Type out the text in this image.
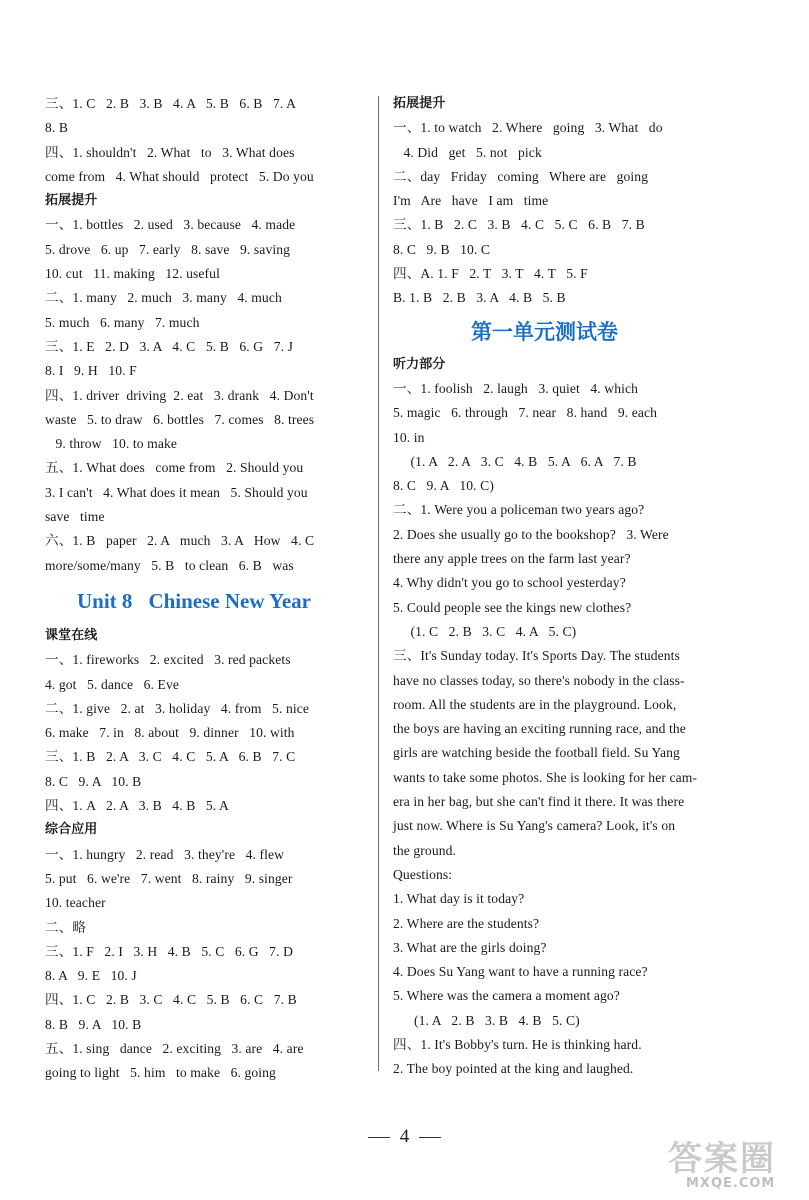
三、1. C   2. B   3. B   4. A   5. B   6. B   7. A
8. B
四、1. shouldn't   2. What   to   3. What does
come from   4. What should   protect   5. Do you
拓展提升
一、1. bottles   2. used   3. because   4. made
5. drove   6. up   7. early   8. save   9. saving
10. cut   11. making   12. useful
二、1. many   2. much   3. many   4. much
5. much   6. many   7. much
三、1. E   2. D   3. A   4. C   5. B   6. G   7. J
8. I   9. H   10. F
四、1. driver  driving  2. eat   3. drank   4. Don't
waste   5. to draw   6. bottles   7. comes   8. trees
9. throw   10. to make
五、1. What does   come from   2. Should you
3. I can't   4. What does it mean   5. Should you
save   time
六、1. B   paper   2. A   much   3. A   How   4. C
more/some/many   5. B   to clean   6. B   was
Unit 8 Chinese New Year
课堂在线
一、1. fireworks   2. excited   3. red packets
4. got   5. dance   6. Eve
二、1. give   2. at   3. holiday   4. from   5. nice
6. make   7. in   8. about   9. dinner   10. with
三、1. B   2. A   3. C   4. C   5. A   6. B   7. C
8. C   9. A   10. B
四、1. A   2. A   3. B   4. B   5. A
综合应用
一、1. hungry   2. read   3. they're   4. flew
5. put   6. we're   7. went   8. rainy   9. singer
10. teacher
二、略
三、1. F   2. I   3. H   4. B   5. C   6. G   7. D
8. A   9. E   10. J
四、1. C   2. B   3. C   4. C   5. B   6. C   7. B
8. B   9. A   10. B
五、1. sing   dance   2. exciting   3. are   4. are
going to light   5. him   to make   6. going
拓展提升
一、1. to watch   2. Where   going   3. What   do
4. Did   get   5. not   pick
二、day   Friday   coming   Where are   going
I'm   Are   have   I am   time
三、1. B   2. C   3. B   4. C   5. C   6. B   7. B
8. C   9. B   10. C
四、A. 1. F   2. T   3. T   4. T   5. F
B. 1. B   2. B   3. A   4. B   5. B
第一单元测试卷
听力部分
一、1. foolish   2. laugh   3. quiet   4. which
5. magic   6. through   7. near   8. hand   9. each
10. in
(1. A   2. A   3. C   4. B   5. A   6. A   7. B
8. C   9. A   10. C)
二、1. Were you a policeman two years ago?
2. Does she usually go to the bookshop?   3. Were
there any apple trees on the farm last year?
4. Why didn't you go to school yesterday?
5. Could people see the kings new clothes?
(1. C   2. B   3. C   4. A   5. C)
三、It's Sunday today. It's Sports Day. The students
have no classes today, so there's nobody in the class-
room. All the students are in the playground. Look,
the boys are having an exciting running race, and the
girls are watching beside the football field. Su Yang
wants to take some photos. She is looking for her cam-
era in her bag, but she can't find it there. It was there
just now. Where is Su Yang's camera? Look, it's on
the ground.
Questions:
1. What day is it today?
2. Where are the students?
3. What are the girls doing?
4. Does Su Yang want to have a running race?
5. Where was the camera a moment ago?
(1. A   2. B   3. B   4. B   5. C)
四、1. It's Bobby's turn. He is thinking hard.
2. The boy pointed at the king and laughed.
4
答案圈
MXQE.COM
